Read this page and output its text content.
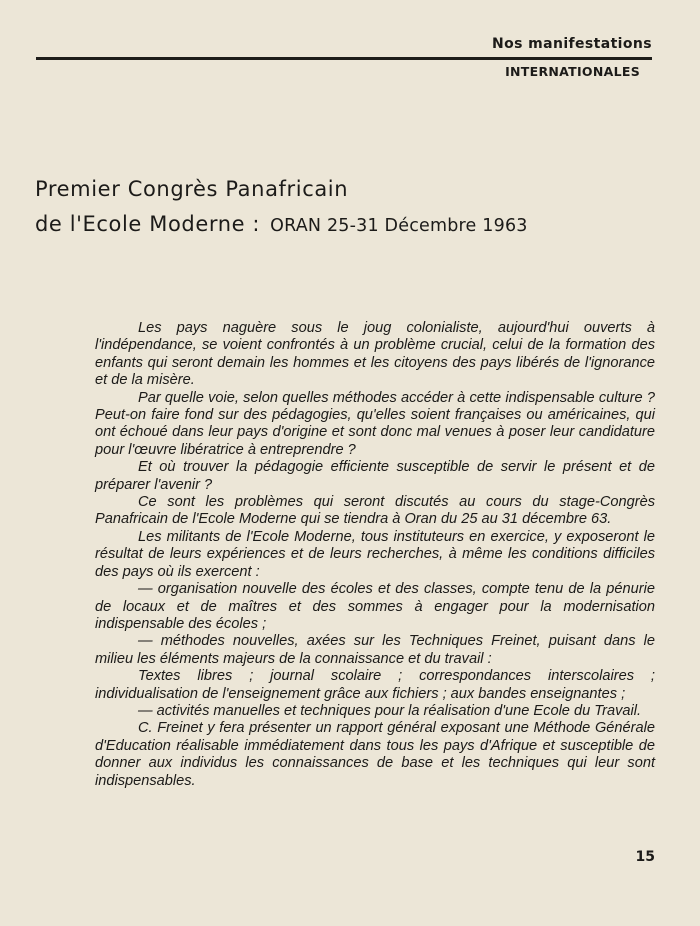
Nos manifestations
INTERNATIONALES
Premier Congrès Panafricain
de l'Ecole Moderne : ORAN 25-31 Décembre 1963

Les pays naguère sous le joug colonialiste, aujourd'hui ouverts à l'indépendance, se voient confrontés à un problème crucial, celui de la formation des enfants qui seront demain les hommes et les citoyens des pays libérés de l'ignorance et de la misère.

Par quelle voie, selon quelles méthodes accéder à cette indispensable culture ? Peut-on faire fond sur des pédagogies, qu'elles soient françaises ou américaines, qui ont échoué dans leur pays d'origine et sont donc mal venues à poser leur candidature pour l'œuvre libératrice à entreprendre ?

Et où trouver la pédagogie efficiente susceptible de servir le présent et de préparer l'avenir ?

Ce sont les problèmes qui seront discutés au cours du stage-Congrès Panafricain de l'Ecole Moderne qui se tiendra à Oran du 25 au 31 décembre 63.

Les militants de l'Ecole Moderne, tous instituteurs en exercice, y exposeront le résultat de leurs expériences et de leurs recherches, à même les conditions difficiles des pays où ils exercent :

— organisation nouvelle des écoles et des classes, compte tenu de la pénurie de locaux et de maîtres et des sommes à engager pour la modernisation indispensable des écoles ;

— méthodes nouvelles, axées sur les Techniques Freinet, puisant dans le milieu les éléments majeurs de la connaissance et du travail :

Textes libres ; journal scolaire ; correspondances interscolaires ; individualisation de l'enseignement grâce aux fichiers ; aux bandes enseignantes ;

— activités manuelles et techniques pour la réalisation d'une Ecole du Travail.

C. Freinet y fera présenter un rapport général exposant une Méthode Générale d'Education réalisable immédiatement dans tous les pays d'Afrique et susceptible de donner aux individus les connaissances de base et les techniques qui leur sont indispensables.

15
